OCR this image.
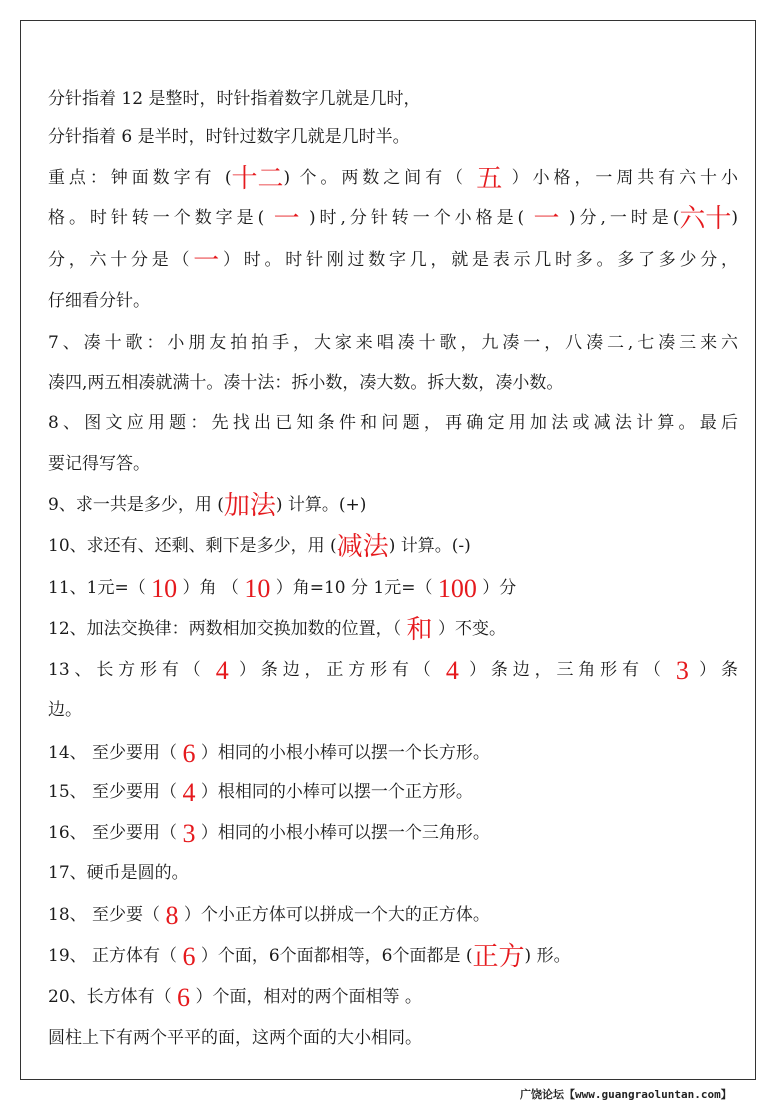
分针指着 12 是整时，时针指着数字几就是几时，
分针指着 6 是半时，时针过数字几就是几时半。
重点：钟面数字有 (十二) 个。两数之间有（ 五 ）小格，一周共有六十小
格。时针转一个数字是( 一 )时,分针转一个小格是( 一 )分,一时是(六十)
分，六十分是（一）时。时针刚过数字几，就是表示几时多。多了多少分，
仔细看分针。
7、凑十歌：小朋友拍拍手，大家来唱凑十歌，九凑一，八凑二,七凑三来六
凑四,两五相凑就满十。凑十法：拆小数，凑大数。拆大数，凑小数。
8、图文应用题：先找出已知条件和问题，再确定用加法或减法计算。最后
要记得写答。
9、求一共是多少，用 (加法) 计算。(+)
10、求还有、还剩、剩下是多少，用 (减法) 计算。(-)
11、1元=（ 10 ）角 （ 10 ）角=10 分 1元=（ 100 ）分
12、加法交换律：两数相加交换加数的位置，（ 和 ）不变。
13、长方形有（ 4 ）条边，正方形有（ 4 ）条边，三角形有（ 3 ）条
边。
14、 至少要用（ 6 ）相同的小根小棒可以摆一个长方形。
15、 至少要用（ 4 ）根相同的小棒可以摆一个正方形。
16、 至少要用（ 3 ）相同的小根小棒可以摆一个三角形。
17、硬币是圆的。
18、 至少要（ 8 ）个小正方体可以拼成一个大的正方体。
19、 正方体有（ 6 ）个面，6个面都相等，6个面都是 (正方) 形。
20、长方体有（ 6 ）个面，相对的两个面相等 。
圆柱上下有两个平平的面，这两个面的大小相同。
广饶论坛【www.guangraoluntan.com】
